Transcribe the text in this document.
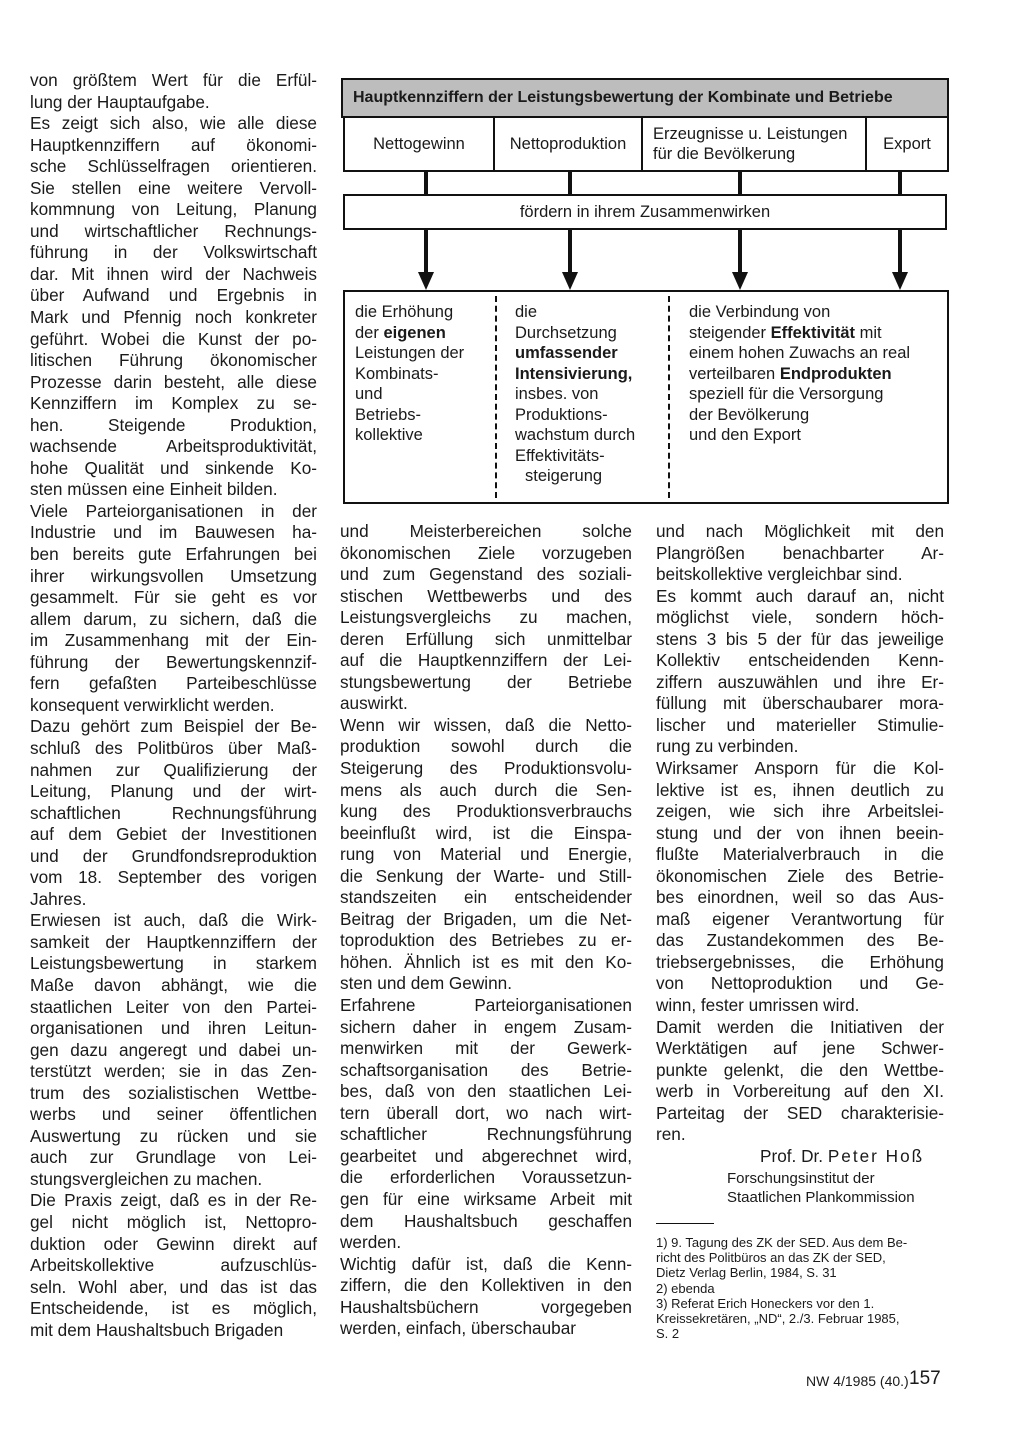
Hauptkennziffern der Leistungsbewertung der Kombinate und Betriebe
Nettogewinn	Nettoproduktion
Erzeugnisse u. Leistungen für die Bevölkerung
Export
fördern in ihrem Zusammenwirken
die Erhöhung
der eigenen
Leistungen der
Kombinats-
und
Betriebs-
kollektive
die
Durchsetzung
umfassender
Intensivierung,
insbes. von
Produktions-
wachstum durch
Effektivitäts-
steigerung
die Verbindung von
steigender Effektivität mit
einem hohen Zuwachs an real
verteilbaren Endprodukten
speziell für die Versorgung
der Bevölkerung
und den Export

von größtem Wert für die Erfül-
lung der Hauptaufgabe.

Es zeigt sich also, wie alle diese
Hauptkennziffern auf ökonomi-
sche Schlüsselfragen orientieren.
Sie stellen eine weitere Vervoll-
kommnung von Leitung, Planung
und wirtschaftlicher Rechnungs-
führung in der Volkswirtschaft
dar. Mit ihnen wird der Nachweis
über Aufwand und Ergebnis in
Mark und Pfennig noch konkreter
geführt. Wobei die Kunst der po-
litischen Führung ökonomischer
Prozesse darin besteht, alle diese
Kennziffern im Komplex zu se-
hen. Steigende Produktion,
wachsende Arbeitsproduktivität,
hohe Qualität und sinkende Ko-
sten müssen eine Einheit bilden.

Viele Parteiorganisationen in der
Industrie und im Bauwesen ha-
ben bereits gute Erfahrungen bei
ihrer wirkungsvollen Umsetzung
gesammelt. Für sie geht es vor
allem darum, zu sichern, daß die
im Zusammenhang mit der Ein-
führung der Bewertungskennzif-
fern gefaßten Parteibeschlüsse
konsequent verwirklicht werden.

Dazu gehört zum Beispiel der Be-
schluß des Politbüros über Maß-
nahmen zur Qualifizierung der
Leitung, Planung und der wirt-
schaftlichen Rechnungsführung
auf dem Gebiet der Investitionen
und der Grundfondsreproduktion
vom 18. September des vorigen
Jahres.

Erwiesen ist auch, daß die Wirk-
samkeit der Hauptkennziffern der
Leistungsbewertung in starkem
Maße davon abhängt, wie die
staatlichen Leiter von den Partei-
organisationen und ihren Leitun-
gen dazu angeregt und dabei un-
terstützt werden; sie in das Zen-
trum des sozialistischen Wettbe-
werbs und seiner öffentlichen
Auswertung zu rücken und sie
auch zur Grundlage von Lei-
stungsvergleichen zu machen.

Die Praxis zeigt, daß es in der Re-
gel nicht möglich ist, Nettopro-
duktion oder Gewinn direkt auf
Arbeitskollektive aufzuschlüs-
seln. Wohl aber, und das ist das
Entscheidende, ist es möglich,
mit dem Haushaltsbuch Brigaden

und Meisterbereichen solche
ökonomischen Ziele vorzugeben
und zum Gegenstand des soziali-
stischen Wettbewerbs und des
Leistungsvergleichs zu machen,
deren Erfüllung sich unmittelbar
auf die Hauptkennziffern der Lei-
stungsbewertung der Betriebe
auswirkt.

Wenn wir wissen, daß die Netto-
produktion sowohl durch die
Steigerung des Produktionsvolu-
mens als auch durch die Sen-
kung des Produktionsverbrauchs
beeinflußt wird, ist die Einspa-
rung von Material und Energie,
die Senkung der Warte- und Still-
standszeiten ein entscheidender
Beitrag der Brigaden, um die Net-
toproduktion des Betriebes zu er-
höhen. Ähnlich ist es mit den Ko-
sten und dem Gewinn.

Erfahrene Parteiorganisationen
sichern daher in engem Zusam-
menwirken mit der Gewerk-
schaftsorganisation des Betrie-
bes, daß von den staatlichen Lei-
tern überall dort, wo nach wirt-
schaftlicher Rechnungsführung
gearbeitet und abgerechnet wird,
die erforderlichen Voraussetzun-
gen für eine wirksame Arbeit mit
dem Haushaltsbuch geschaffen
werden.

Wichtig dafür ist, daß die Kenn-
ziffern, die den Kollektiven in den
Haushaltsbüchern vorgegeben
werden, einfach, überschaubar

und nach Möglichkeit mit den
Plangrößen benachbarter Ar-
beitskollektive vergleichbar sind.

Es kommt auch darauf an, nicht
möglichst viele, sondern höch-
stens 3 bis 5 der für das jeweilige
Kollektiv entscheidenden Kenn-
ziffern auszuwählen und ihre Er-
füllung mit überschaubarer mora-
lischer und materieller Stimulie-
rung zu verbinden.

Wirksamer Ansporn für die Kol-
lektive ist es, ihnen deutlich zu
zeigen, wie sich ihre Arbeitslei-
stung und der von ihnen beein-
flußte Materialverbrauch in die
ökonomischen Ziele des Betrie-
bes einordnen, weil so das Aus-
maß eigener Verantwortung für
das Zustandekommen des Be-
triebsergebnisses, die Erhöhung
von Nettoproduktion und Ge-
winn, fester umrissen wird.

Damit werden die Initiativen der
Werktätigen auf jene Schwer-
punkte gelenkt, die den Wettbe-
werb in Vorbereitung auf den XI.
Parteitag der SED charakterisie-
ren.

Prof. Dr. Peter Hoß
Forschungsinstitut der
Staatlichen Plankommission

1) 9. Tagung des ZK der SED. Aus dem Be-

richt des Politbüros an das ZK der SED,

Dietz Verlag Berlin, 1984, S. 31

2) ebenda

3) Referat Erich Honeckers vor den 1.

Kreissekretären, „ND“, 2./3. Februar 1985,

S. 2

NW 4/1985 (40.) 157
